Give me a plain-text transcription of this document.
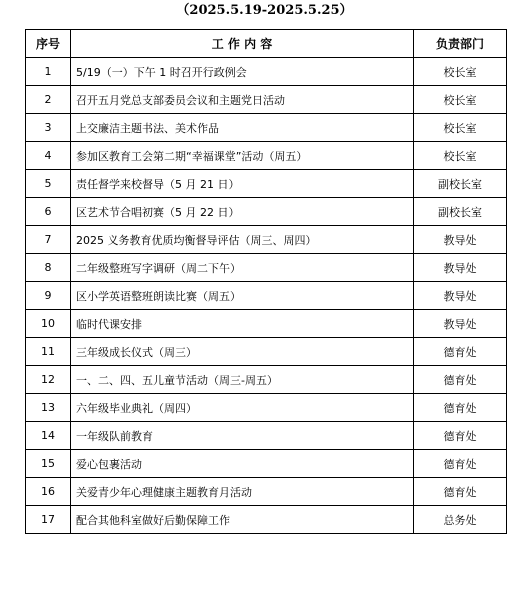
（2025.5.19-2025.5.25）
序号	工 作 内 容	负责部门
1	5/19（一）下午 1 时召开行政例会	校长室
2	召开五月党总支部委员会议和主题党日活动	校长室
3	上交廉洁主题书法、美术作品	校长室
4	参加区教育工会第二期“幸福课堂”活动（周五）	校长室
5	责任督学来校督导（5 月 21 日）	副校长室
6	区艺术节合唱初赛（5 月 22 日）	副校长室
7	2025 义务教育优质均衡督导评估（周三、周四）	教导处
8	二年级整班写字调研（周二下午）	教导处
9	区小学英语整班朗读比赛（周五）	教导处
10	临时代课安排	教导处
11	三年级成长仪式（周三）	德育处
12	一、二、四、五儿童节活动（周三-周五）	德育处
13	六年级毕业典礼（周四）	德育处
14	一年级队前教育	德育处
15	爱心包裹活动	德育处
16	关爱青少年心理健康主题教育月活动	德育处
17	配合其他科室做好后勤保障工作	总务处
